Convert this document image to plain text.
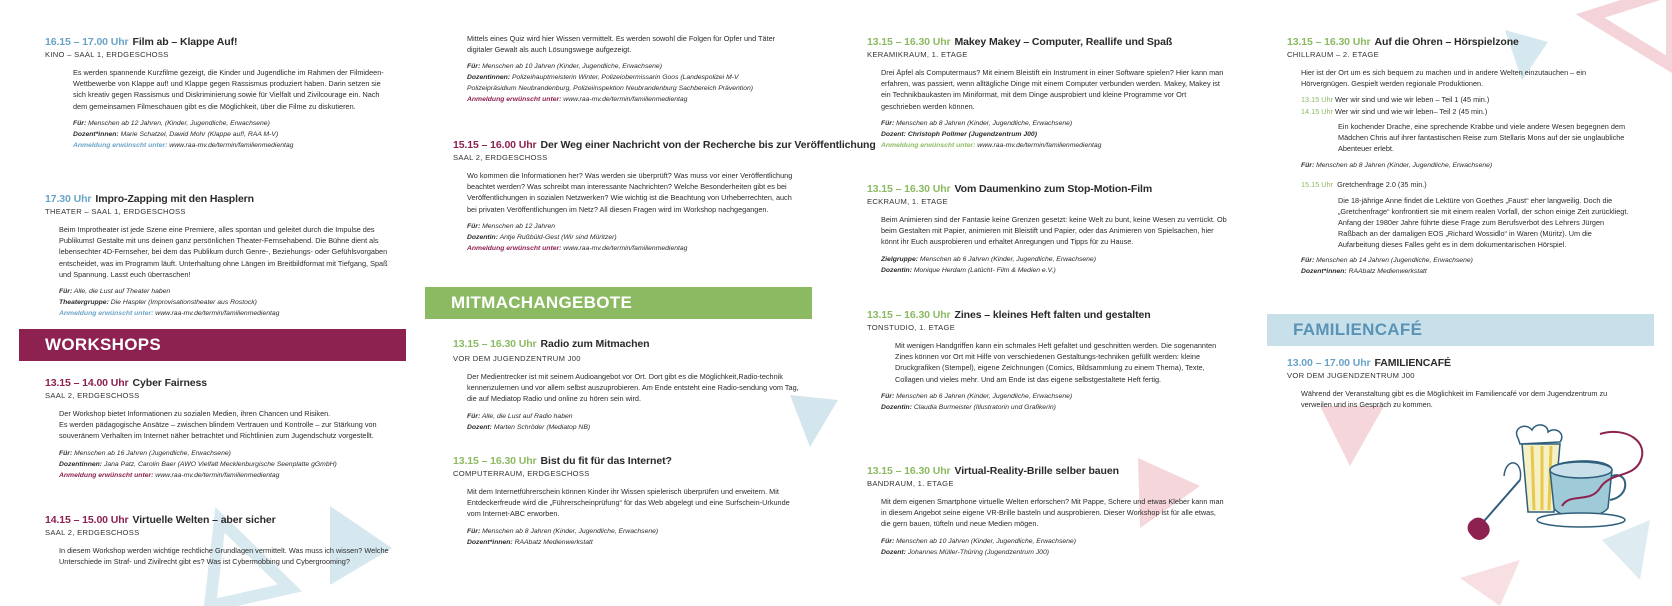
16.15 – 17.00 Uhr Film ab – Klappe Auf!
KINO – SAAL 1, ERDGESCHOSS
Es werden spannende Kurzfilme gezeigt, die Kinder und Jugendliche im Rahmen der Filmideen-Wettbewerbe von Klappe auf! und Klappe gegen Rassismus produziert haben. Darin setzen sie sich kreativ gegen Rassismus und Diskriminierung sowie für Vielfalt und Zivilcourage ein. Nach dem gemeinsamen Filmeschauen gibt es die Möglichkeit, über die Filme zu diskutieren.
Für: Menschen ab 12 Jahren, (Kinder, Jugendliche, Erwachsene)
Dozent*innen: Marie Schatzel, Dawid Mohr (Klappe auf!, RAA M-V)
Anmeldung erwünscht unter: www.raa-mv.de/termin/familienmedientag
17.30 Uhr Impro-Zapping mit den Hasplern
THEATER – SAAL 1, ERDGESCHOSS
Beim Improtheater ist jede Szene eine Premiere, alles spontan und geleitet durch die Impulse des Publikums! Gestalte mit uns deinen ganz persönlichen Theater-Fernsehabend. Die Bühne dient als lebensechter 4D-Fernseher, bei dem das Publikum durch Genre-, Beziehungs- oder Gefühlsvorgaben entscheidet, was im Programm läuft. Unterhaltung ohne Längen im Breitbildformat mit Tiefgang, Spaß und Spannung. Lasst euch überraschen!
Für: Alle, die Lust auf Theater haben
Theatergruppe: Die Haspler (Improvisationstheater aus Rostock)
Anmeldung erwünscht unter: www.raa-mv.de/termin/familienmedientag
WORKSHOPS
13.15 – 14.00 Uhr Cyber Fairness
SAAL 2, ERDGESCHOSS

Der Workshop bietet Informationen zu sozialen Medien, ihren Chancen und Risiken.

Es werden pädagogische Ansätze – zwischen blindem Vertrauen und Kontrolle – zur Stärkung von souveränem Verhalten im Internet näher betrachtet und Richtlinien zum Jugendschutz vorgestellt.

Für: Menschen ab 16 Jahren (Jugendliche, Erwachsene)
Dozentinnen: Jana Patz, Carolin Baer (AWO Vielfalt Mecklenburgische Seenplatte gGmbH)
Anmeldung erwünscht unter: www.raa-mv.de/termin/familienmedientag
14.15 – 15.00 Uhr Virtuelle Welten – aber sicher
SAAL 2, ERDGESCHOSS
In diesem Workshop werden wichtige rechtliche Grundlagen vermittelt. Was muss ich wissen? Welche Unterschiede im Straf- und Zivilrecht gibt es? Was ist Cybermobbing und Cybergrooming?
Mittels eines Quiz wird hier Wissen vermittelt. Es werden sowohl die Folgen für Opfer und Täter digitaler Gewalt als auch Lösungswege aufgezeigt.
Für: Menschen ab 10 Jahren (Kinder, Jugendliche, Erwachsene)
Dozentinnen: Polizeihauptmeisterin Winter, Polizeiobermissarin Goos (Landespolizei M-V Polizeipräsidium Neubrandenburg, Polizeiinspektion Neubrandenburg Sachbereich Prävention)
Anmeldung erwünscht unter: www.raa-mv.de/termin/familienmedientag
15.15 – 16.00 Uhr Der Weg einer Nachricht von der Recherche bis zur Veröffentlichung
SAAL 2, ERDGESCHOSS
Wo kommen die Informationen her? Was werden sie überprüft? Was muss vor einer Veröffentlichung beachtet werden? Was schreibt man interessante Nachrichten? Welche Besonderheiten gibt es bei Veröffentlichungen in sozialen Netzwerken? Wie wichtig ist die Beachtung von Urheberrechten, auch bei privaten Veröffentlichungen im Netz? All diesen Fragen wird im Workshop nachgegangen.
Für: Menschen ab 12 Jahren
Dozentin: Antje Rußbüld-Gest (Wir sind Müritzer)
Anmeldung erwünscht unter: www.raa-mv.de/termin/familienmedientag
MITMACHANGEBOTE
13.15 – 16.30 Uhr Radio zum Mitmachen
VOR DEM JUGENDZENTRUM J00
Der Medientrecker ist mit seinem Audioangebot vor Ort. Dort gibt es die Möglichkeit,Radio-technik kennenzulernen und vor allem selbst auszuprobieren. Am Ende entsteht eine Radio-sendung vom Tag, die auf Mediatop Radio und online zu hören sein wird.
Für: Alle, die Lust auf Radio haben
Dozent: Marten Schröder (Mediatop NB)
13.15 – 16.30 Uhr Bist du fit für das Internet?
COMPUTERRAUM, ERDGESCHOSS
Mit dem Internetführerschein können Kinder ihr Wissen spielerisch überprüfen und erweitern. Mit Entdeckerfreude wird die „Führerscheinprüfung“ für das Web abgelegt und eine Surfschein-Urkunde vom Internet-ABC erworben.
Für: Menschen ab 8 Jahren (Kinder, Jugendliche, Erwachsene)
Dozent*innen: RAAbatz Medienwerkstatt
13.15 – 16.30 Uhr Makey Makey – Computer, Reallife und Spaß
KERAMIKRAUM, 1. ETAGE
Drei Äpfel als Computermaus? Mit einem Bleistift ein Instrument in einer Software spielen? Hier kann man erfahren, was passiert, wenn alltägliche Dinge mit einem Computer verbunden werden. Makey, Makey ist ein Technikbaukasten im Miniformat, mit dem Dinge ausprobiert und kleine Programme vor Ort geschrieben werden können.
Für: Menschen ab 8 Jahren (Kinder, Jugendliche, Erwachsene)
Dozent: Christoph Pollmer (Jugendzentrum J00)
Anmeldung erwünscht unter: www.raa-mv.de/termin/familienmedientag
13.15 – 16.30 Uhr Vom Daumenkino zum Stop-Motion-Film
ECKRAUM, 1. ETAGE
Beim Animieren sind der Fantasie keine Grenzen gesetzt: keine Welt zu bunt, keine Wesen zu verrückt. Ob beim Gestalten mit Papier, animieren mit Bleistift und Papier, oder das Animieren von Spielsachen, hier könnt ihr Euch ausprobieren und erhaltet Anregungen und Tipps für zu Hause.
Zielgruppe: Menschen ab 6 Jahren (Kinder, Jugendliche, Erwachsene)
Dozentin: Monique Herdam (Latücht- Film & Medien e.V.)
13.15 – 16.30 Uhr Zines – kleines Heft falten und gestalten
TONSTUDIO, 1. ETAGE
Mit wenigen Handgriffen kann ein schmales Heft gefaltet und geschnitten werden. Die sogenannten Zines können vor Ort mit Hilfe von verschiedenen Gestaltungs-techniken gefüllt werden: kleine Druckgrafiken (Stempel), eigene Zeichnungen (Comics, Bildsammlung zu einem Thema), Texte, Collagen und vieles mehr. Und am Ende ist das eigene selbstgestaltete Heft fertig.
Für: Menschen ab 6 Jahren (Kinder, Jugendliche, Erwachsene)
Dozentin: Claudia Burmeister (Illustratorin und Grafikerin)
13.15 – 16.30 Uhr Virtual-Reality-Brille selber bauen
BANDRAUM, 1. ETAGE
Mit dem eigenen Smartphone virtuelle Welten erforschen? Mit Pappe, Schere und etwas Kleber kann man in diesem Angebot seine eigene VR-Brille basteln und ausprobieren. Dieser Workshop ist für alle etwas, die gern bauen, tüfteln und neue Medien mögen.
Für: Menschen ab 10 Jahren (Kinder, Jugendliche, Erwachsene)
Dozent: Johannes Müller-Thüring (Jugendzentrum J00)
13.15 – 16.30 Uhr Auf die Ohren – Hörspielzone
CHILLRAUM – 2. ETAGE
Hier ist der Ort um es sich bequem zu machen und in andere Welten einzutauchen – ein Hörvergnügen. Gespielt werden regionale Produktionen.
13.15 Uhr Wer wir sind und wie wir leben – Teil 1 (45 min.)
14.15 Uhr Wer wir sind und wie wir leben– Teil 2 (45 min.)
Ein kochender Drache, eine sprechende Krabbe und viele andere Wesen begegnen dem Mädchen Chris auf ihrer fantastischen Reise zum Stellaris Mons auf der sie unglaubliche Abenteuer erlebt.
Für: Menschen ab 8 Jahren (Kinder, Jugendliche, Erwachsene)
15.15 Uhr Gretchenfrage 2.0 (35 min.)
Die 18-jährige Anne findet die Lektüre von Goethes „Faust“ eher langweilig. Doch die „Gretchenfrage“ konfrontiert sie mit einem realen Vorfall, der schon einige Zeit zurückliegt. Anfang der 1980er Jahre führte diese Frage zum Berufsverbot des Lehrers Jürgen Raßbach an der damaligen EOS „Richard Wossidlo“ in Waren (Müritz). Um die Aufarbeitung dieses Falles geht es in dem dokumentarischen Hörspiel.
Für: Menschen ab 14 Jahren (Jugendliche, Erwachsene)
Dozent*innen: RAAbatz Medienwerkstatt
FAMILIENCAFÉ
13.00 – 17.00 Uhr FAMILIENCAFÉ
VOR DEM JUGENDZENTRUM J00
Während der Veranstaltung gibt es die Möglichkeit im Familiencafé vor dem Jugendzentrum zu verweilen und ins Gespräch zu kommen.
